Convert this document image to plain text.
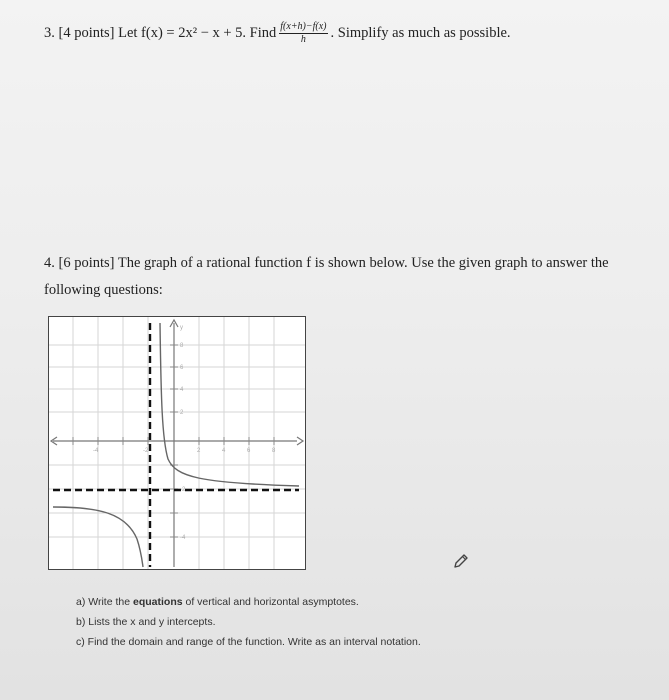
3. [4 points] Let f(x) = 2x² − x + 5. Find $\frac{f(x+h)-f(x)}{h}$ . Simplify as much as possible.
4. [6 points] The graph of a rational function f is shown below. Use the given graph to answer the following questions:
y
8
6
4
2
-4	-2	2	4	6	8
-2
-4
a) Write the equations of vertical and horizontal asymptotes.
b) Lists the x and y intercepts.
c) Find the domain and range of the function. Write as an interval notation.
